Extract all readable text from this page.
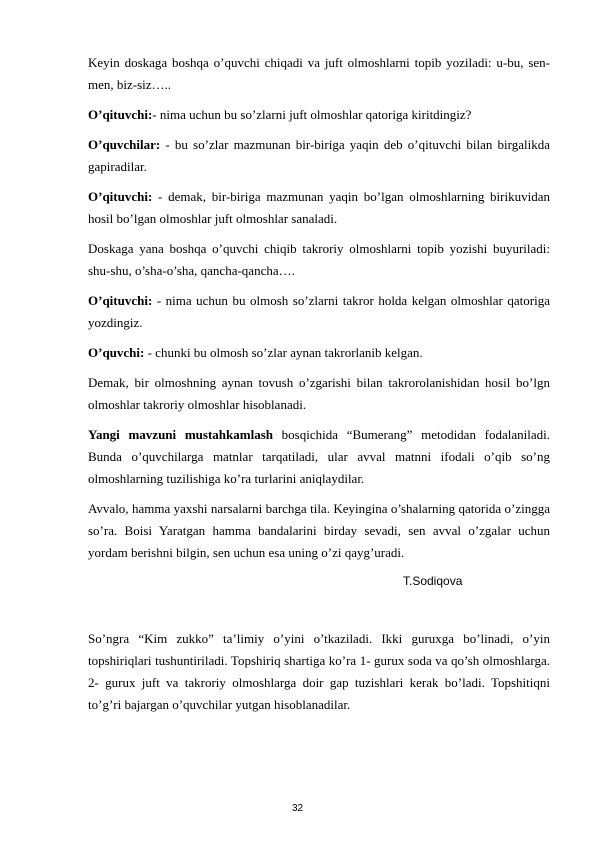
Keyin doskaga boshqa o’quvchi chiqadi va juft olmoshlarni topib yoziladi: u-bu, sen-men, biz-siz…..

O’qituvchi:- nima uchun bu so’zlarni juft olmoshlar qatoriga kiritdingiz?

O’quvchilar: - bu so’zlar mazmunan bir-biriga yaqin deb o’qituvchi bilan birgalikda gapiradilar.

O’qituvchi: - demak, bir-biriga mazmunan yaqin bo’lgan olmoshlarning birikuvidan hosil bo’lgan olmoshlar juft olmoshlar sanaladi.

Doskaga yana boshqa o’quvchi chiqib takroriy olmoshlarni topib yozishi buyuriladi: shu-shu, o’sha-o’sha, qancha-qancha….

O’qituvchi: - nima uchun bu olmosh so’zlarni takror holda kelgan olmoshlar qatoriga yozdingiz.

O’quvchi: - chunki bu olmosh so’zlar aynan takrorlanib kelgan.

Demak, bir olmoshning aynan tovush o’zgarishi bilan takrorolanishidan hosil bo’lgn olmoshlar takroriy olmoshlar hisoblanadi.

Yangi mavzuni mustahkamlash bosqichida “Bumerang” metodidan fodalaniladi. Bunda o’quvchilarga matnlar tarqatiladi, ular avval matnni ifodali o’qib so’ng olmoshlarning tuzilishiga ko’ra turlarini aniqlaydilar.

Avvalo, hamma yaxshi narsalarni barchga tila. Keyingina o’shalarning qatorida o’zingga so’ra. Boisi Yaratgan hamma bandalarini birday sevadi, sen avval o’zgalar uchun yordam berishni bilgin, sen uchun esa uning o’zi qayg’uradi.

T.Sodiqova

So’ngra “Kim zukko” ta’limiy o’yini o’tkaziladi. Ikki guruxga bo’linadi, o’yin topshiriqlari tushuntiriladi. Topshiriq shartiga ko’ra 1- gurux soda va qo’sh olmoshlarga. 2- gurux juft va takroriy olmoshlarga doir gap tuzishlari kerak bo’ladi. Topshitiqni to’g’ri bajargan o’quvchilar yutgan hisoblanadilar.

32
